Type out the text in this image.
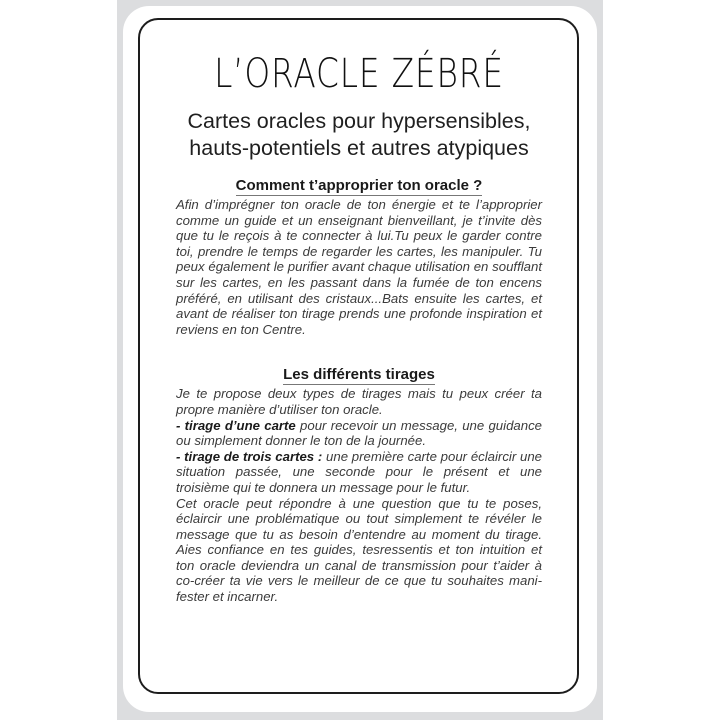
L’ORACLE ZÉBRÉ
Cartes oracles pour hypersensibles,
hauts-potentiels et autres atypiques
Comment t’approprier ton oracle ?

Afin d’imprégner ton oracle de ton énergie et te l’approprier comme un guide et un enseignant bienveillant, je t’invite dès que tu le reçois à te connecter à lui.Tu peux le garder contre toi, prendre le temps de regarder les cartes, les manipuler. Tu peux également le purifier avant chaque utilisation en soufflant sur les cartes, en les passant dans la fumée de ton encens préféré, en utilisant des cristaux...Bats ensuite les cartes, et avant de réaliser ton tirage prends une profonde inspiration et reviens en ton Centre.

Les différents tirages

Je te propose deux types de tirages mais tu peux créer ta propre manière d’utiliser ton oracle.
- tirage d’une carte pour recevoir un message, une guidance ou simplement donner le ton de la journée.
- tirage de trois cartes : une première carte pour éclaircir une situation passée, une seconde pour le présent et une troisième qui te donnera un message pour le futur.
Cet oracle peut répondre à une question que tu te poses, éclaircir une problématique ou tout simplement te révéler le message que tu as besoin d’entendre au moment du tirage. Aies confiance en tes guides, tesressentis et ton intuition et ton oracle deviendra un canal de transmission pour t’aider à co-créer ta vie vers le meilleur de ce que tu souhaites mani-fester et incarner.
